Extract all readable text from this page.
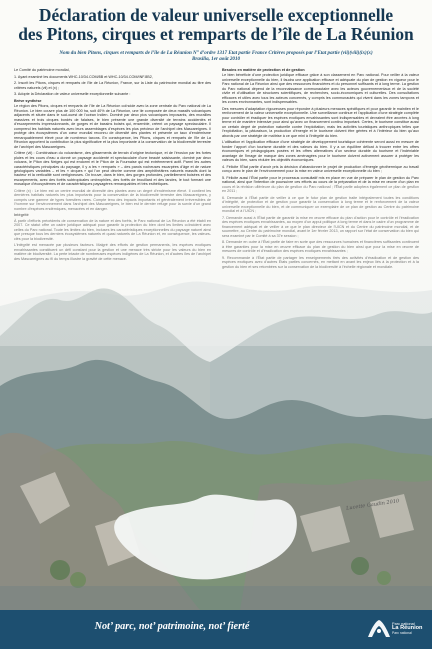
Déclaration de valeur universelle exceptionnelle
des Pitons, cirques et remparts de l’île de La Réunion
Nom du bien Pitons, cirques et remparts de l’île de La Réunion N° d’ordre 1317 Etat partie France Critères proposés par l’Etat partie (vii)(viii)(ix)(x)
Brasilia, 1er août 2010
Le Comité du patrimoine mondial,
1. Ayant examiné les documents WHC-10/34.COM/8B et WHC-10/34.COM/INF.8B2,
2. Inscrit les Pitons, cirques et remparts de l’île de La Réunion, France, sur la Liste du patrimoine mondial au titre des critères naturels (vii) et (x) ;
3. Adopte la Déclaration de valeur universelle exceptionnelle suivante :
Brève synthèse
Le région des Pitons, cirques et remparts de l’île de La Réunion coïncide avec la zone centrale du Parc national de La Réunion. Le bien couvre plus de 100 000 ha, soit 40% de La Réunion, une île composée de deux massifs volcaniques adjacents et située dans le sud-ouest de l’océan Indien. Dominé par deux pics volcaniques imposants, des murailles massives et trois cirques bordés de falaises, le bien présente une grande diversité de terrains accidentés et d’escarpements impressionnants, de gorges et de bassins boisés qui, ensemble, créent un paysage spectaculaire. Il comprend les habitats naturels avec leurs assemblages d’espèces les plus précieux de l’archipel des Mascareignes. Il protège des écosystèmes d’un cœur mondial reconnu de diversité des plantes et présente un taux d’endémisme remarquablement élevé pour de nombreux taxons. En conséquence, les Pitons, cirques et remparts de l’île de La Réunion apportent la contribution la plus significative et la plus importante à la conservation de la biodiversité terrestre de l’archipel des Mascareignes.
Critère (vii) : Combinaison du volcanisme, des glissements de terrain d’origine tectonique, et de l’érosion par les fortes pluies et les cours d’eau a donné un paysage accidenté et spectaculaire d’une beauté saisissante, dominé par deux volcans, le Piton des Neiges qui est endormi et le Piton de la Fournaise qui est extrêmement actif. Parmi les autres caractéristiques principales du paysage, il y a les « remparts » – des parois rocheuses escarpées d’âge et de nature géologiques variables – et les « cirques » qui l’on peut décrire comme des amphithéâtres naturels massifs dont la hauteur et la verticalité sont vertigineuses. On trouve, dans le bien, des gorges profondes, partiellement boisées et des escarpements, avec des forêts subtropicales ombrophiles, des forêts de brouillard et des landes, le tout formant une mosaïque d’écosystèmes et de caractéristiques paysagères remarquables et très esthétiques.
Critère (x) : Le bien est un centre mondial de diversité des plantes avec un degré d’endémisme élevé. Il contient les dernières habitats naturels les plus importants pour la conservation de la biodiversité terrestre des Mascareignes, y compris une gamme de types forestiers rares. Compte tenu des impacts importants et généralement irréversibles de l’homme sur l’environnement dans l’archipel des Mascareignes, le bien est le dernier refuge pour la survie d’un grand nombre d’espèces endémiques, menacées et en danger.
Intégrité
À partir d’efforts précédents de conservation de la nature et des forêts, le Parc national de La Réunion a été établi en 2007. Ce statut offre un cadre juridique adéquat pour garantir la protection du bien dont les limites coïncident avec celles du Parc national. Toute les limites du bien, incluses les caractéristiques exceptionnelles du paysage naturel ainsi que presque tous les derniers écosystèmes naturels et quasi naturels de La Réunion et, en conséquence, les valeurs-clés pour la biodiversité.
L’intégrité est menacée par plusieurs facteurs. Malgré des efforts de gestion permanents, les espèces exotiques envahissantes constituent un défi constant pour la gestion et une menace très stricte pour les valeurs du bien en matière de biodiversité. La perte intacte de nombreuses espèces indigènes de La Réunion, et d’autres îles de l’archipel des Mascareignes au fil du temps illustre la gravité de cette menace.
Besoins en matière de protection et de gestion
Le bien bénéficie d’une protection juridique efficace grâce à son classement en Parc national. Pour veiller à la valeur universelle exceptionnelle du bien, il faudra une application efficace et adéquate du plan de gestion en vigueur pour le Parc national de La Réunion ainsi que des ressources financières et du personnel suffisants et à long terme. La gestion du Parc national dépend de la reconnaissance communautaire avec les acteurs gouvernementaux et de la société civile et d’utilisation de structures scientifiques, de recherches, socio-économiques et culturelles. Des consultations efficaces et utiles avec tous les acteurs concernés, y compris les communautés qui vivent dans les zones tampons et les zones environnantes, sont indispensables.
Des mesures d’adaptation rigoureuses pour répondre à plusieurs menaces spécifiques et pour garantir le maintien et le renforcement de la valeur universelle exceptionnelle. Une surveillance continue et l’application d’une stratégie complète pour contrôler et éradiquer les espèces exotiques envahissantes sont indispensables et devraient être ancrées à long terme et de manière intensive pour ainsi qu’avec un financement continu important. Certes, le tourisme constitue aussi un certain degré de protection naturelle contre l’exploitation, mais les activités touristiques anthropiques telles que l’exploitation, la pâturaison, la production d’énergie et le tourisme doivent être gérées et à l’intérieur du bien qu’aux abords par une stratégie de maîtrise à ce que mini à l’intégrité du bien.
L’utilisation et l’application efficace d’une stratégie de développement touristique cohérente seront aussi en mesure de fonder l’apport d’un tourisme durable et des valeurs du bien. Il y a un équilibre délicat à trouver entre les offres économiques et pédagogiques posées et les offres alternatives d’un secteur durable du tourisme et l’indéniable avantage de l’image de marque des zones aménagées pour le tourisme doivent activement assurer à protéger les valeurs du bien, sans réduire les objectifs économiques.
4. Félicite l’État partie d’avoir pris la décision d’abandonner le projet de production d’énergie géothermique au travail conçu avec le plan de l’environnement pour la mise en valeur universelle exceptionnelle du bien ;
5. Félicite aussi l’État partie pour le processus consultatif mis en place en vue de préparer le plan de gestion du Parc national, ainsi que l’intention de poursuivre ces efforts au cours de la préparation et de la mise en œuvre d’un plan en cours et la révision ultérieure du plan de gestion du Parc national ; l’État partie adoptera également ce plan de gestion en 2011 ;
6. Demande à l’État partie de veiller à ce que le futur plan de gestion traite intégralement toutes les conditions d’intégrité, de protection et de gestion pour garantir la conservation à long terme et le renforcement de la valeur universelle exceptionnelle du bien, et de communiquer un exemplaire de ce plan de gestion au Centre du patrimoine mondial et à l’UICN ;
7. Demande aussi à l’État partie de garantir la mise en œuvre efficace du plan d’action pour le contrôle et l’éradication des espèces exotiques envahissantes, au moyen d’un appui politique à long terme et dans le cadre d’un programme de financement adéquat et de veiller à ce que le plan directeur de l’UICN et du Centre du patrimoine mondial, et de soumettre, au Centre du patrimoine mondial, avant le 1er février 2013, un rapport sur l’état de conservation du bien qui sera examiné par le Comité à sa 37e session ;
8. Demande en outre à l’État partie de faire en sorte que des ressources humaines et financières suffisantes continuent à être garanties pour la mise en œuvre efficace du plan de gestion du bien ainsi que pour la mise en œuvre de mesures de contrôle et d’éradication des espèces exotiques envahissantes ;
9. Recommande à l’État partie de partager les enseignements tirés des activités d’éradication et de gestion des espèces exotiques avec d’autres États parties concernés, en mettant en avant les enjeux liés à la protection et à la gestion du bien et ses retombées sur la conservation de la biodiversité à l’échelle régionale et mondiale.
Lucette Gaudin 2010
Not’ parc, not’ patrimoine, not’ fierté	Parc national
La Réunion
Parc national
